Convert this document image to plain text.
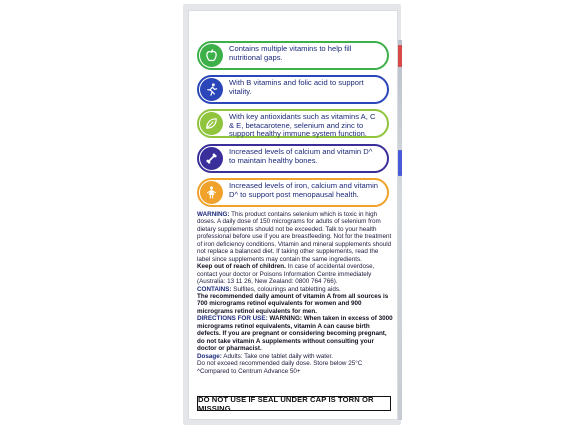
Contains multiple vitamins to help fill nutritional gaps.
With B vitamins and folic acid to support vitality.
With key antioxidants such as vitamins A, C & E, betacarotene, selenium and zinc to support healthy immune system function.
Increased levels of calcium and vitamin D^ to maintain healthy bones.
Increased levels of iron, calcium and vitamin D^ to support post menopausal health.

WARNING: This product contains selenium which is toxic in high doses. A daily dose of 150 micrograms for adults of selenium from dietary supplements should not be exceeded. Talk to your health professional before use if you are breastfeeding. Not for the treatment of iron deficiency conditions. Vitamin and mineral supplements should not replace a balanced diet. If taking other supplements, read the label since supplements may contain the same ingredients.

Keep out of reach of children. In case of accidental overdose, contact your doctor or Poisons Information Centre immediately (Australia: 13 11 26, New Zealand: 0800 764 766).

CONTAINS: Sulfites, colourings and tabletting aids.

The recommended daily amount of vitamin A from all sources is 700 micrograms retinol equivalents for women and 900 micrograms retinol equivalents for men.

DIRECTIONS FOR USE: WARNING: When taken in excess of 3000 micrograms retinol equivalents, vitamin A can cause birth defects. If you are pregnant or considering becoming pregnant, do not take vitamin A supplements without consulting your doctor or pharmacist.

Dosage: Adults: Take one tablet daily with water.

Do not exceed recommended daily dose. Store below 25°C

^Compared to Centrum Advance 50+

DO NOT USE IF SEAL UNDER CAP IS TORN OR MISSING
